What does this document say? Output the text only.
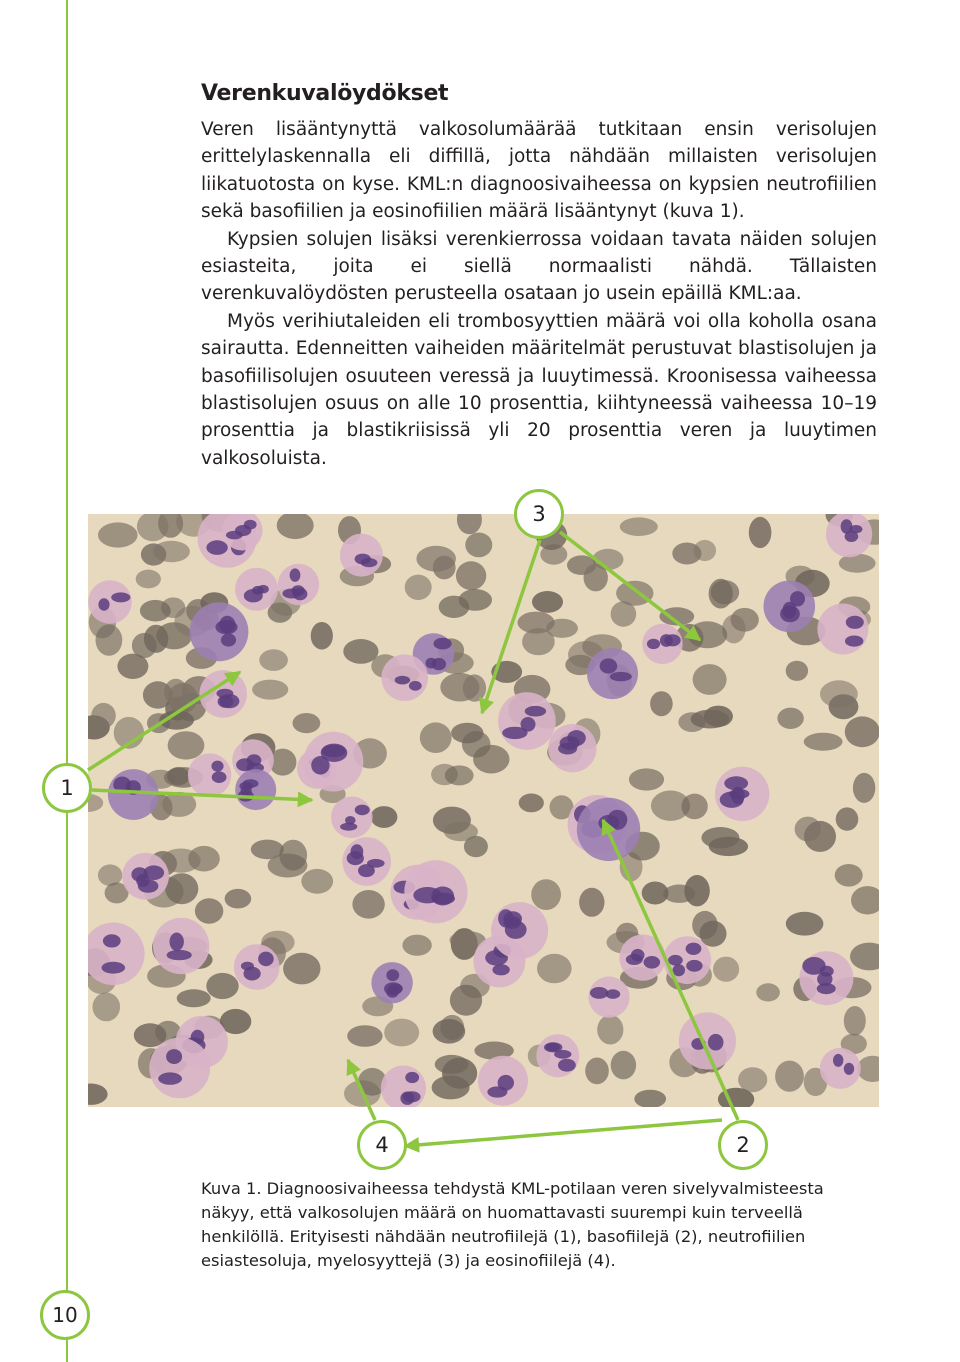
Verenkuvalöydökset

Veren lisääntynyttä valkosolumäärää tutkitaan ensin verisolujen erittelylaskennalla eli diffillä, jotta nähdään millaisten verisolujen liikatuotosta on kyse. KML:n diagnoosivaiheessa on kypsien neutrofiilien sekä basofiilien ja eosinofiilien määrä lisääntynyt (kuva 1).

Kypsien solujen lisäksi verenkierrossa voidaan tavata näiden solujen esiasteita, joita ei siellä normaalisti nähdä. Tällaisten verenkuvalöydösten perusteella osataan jo usein epäillä KML:aa.

Myös verihiutaleiden eli trombosyyttien määrä voi olla koholla osana sairautta. Edenneitten vaiheiden määritelmät perustuvat blastisolujen ja basofiilisolujen osuuteen veressä ja luuytimessä. Kroonisessa vaiheessa blastisolujen osuus on alle 10 prosenttia, kiihtyneessä vaiheessa 10–19 prosenttia ja blastikriisissä yli 20 prosenttia veren ja luuytimen valkosoluista.

3
1
4	2
Kuva 1. Diagnoosivaiheessa tehdystä KML-potilaan veren sivelyvalmisteesta näkyy, että valkosolujen määrä on huomattavasti suurempi kuin terveellä henkilöllä. Erityisesti nähdään neutrofiilejä (1), basofiilejä (2), neutrofiilien esiastesoluja, myelosyyttejä (3) ja eosinofiilejä (4).
10
